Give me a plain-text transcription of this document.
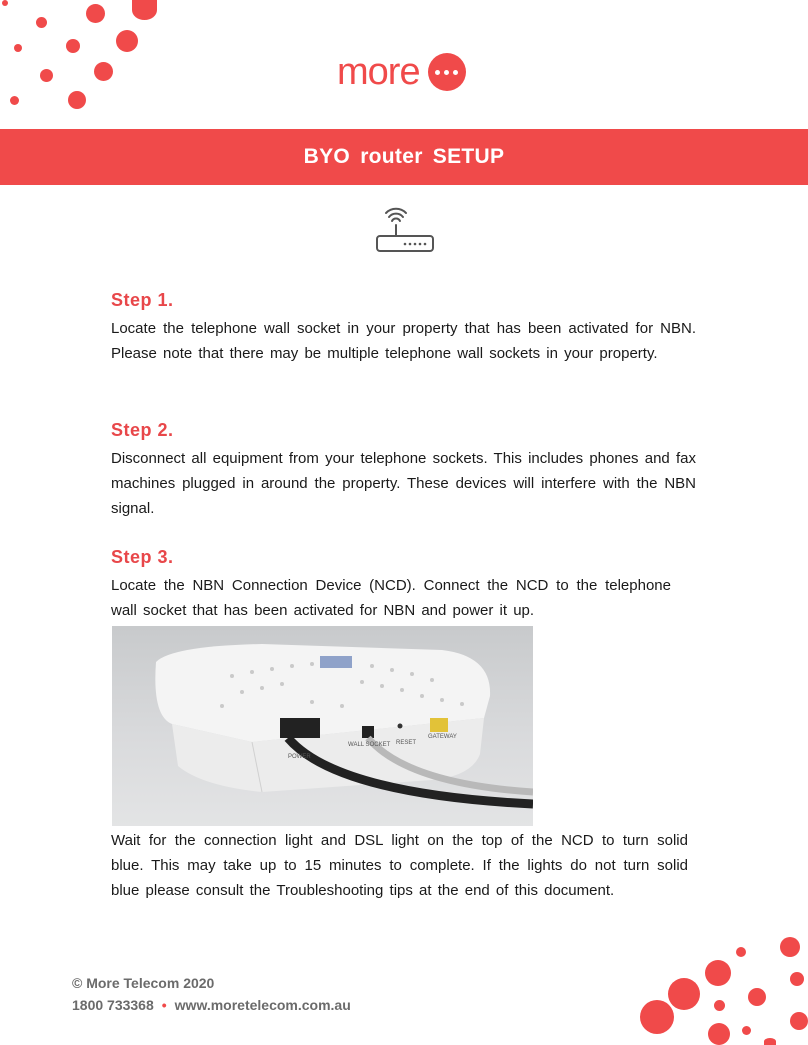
more
BYO router SETUP
Step 1.

Locate the telephone wall socket in your property that has been activated for NBN. Please note that there may be multiple telephone wall sockets in your property.

Step 2.

Disconnect all equipment from your telephone sockets. This includes phones and fax machines plugged in around the property. These devices will interfere with the NBN signal.

Step 3.

Locate the NBN Connection Device (NCD). Connect the NCD to the telephone wall socket that has been activated for NBN and power it up.

POWER
WALL SOCKET RESET
GATEWAY

Wait for the connection light and DSL light on the top of the NCD to turn solid blue. This may take up to 15 minutes to complete. If the lights do not turn solid blue please consult the Troubleshooting tips at the end of this document.

© More Telecom 2020
1800 733368 • www.moretelecom.com.au
